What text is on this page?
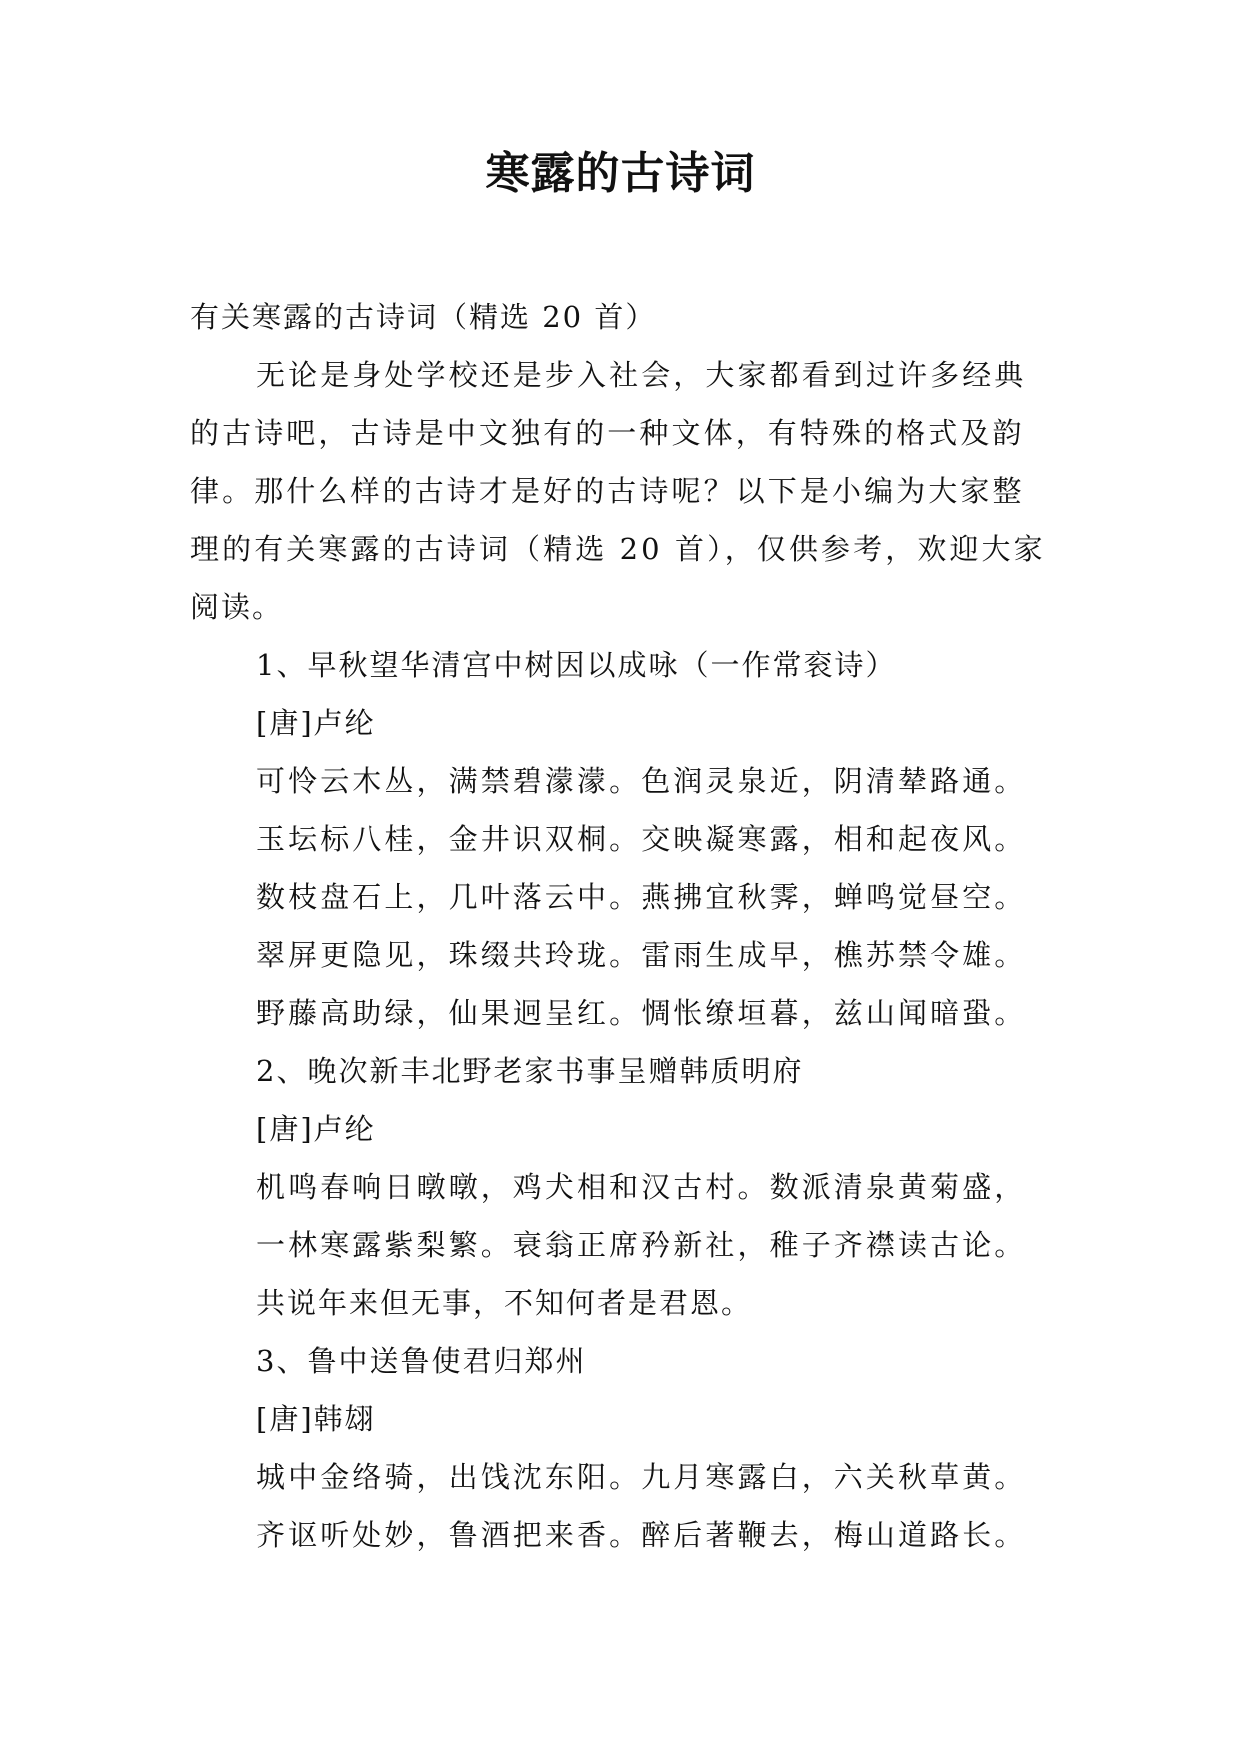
寒露的古诗词
有关寒露的古诗词（精选 20 首）
无论是身处学校还是步入社会，大家都看到过许多经典
的古诗吧，古诗是中文独有的一种文体，有特殊的格式及韵
律。那什么样的古诗才是好的古诗呢？以下是小编为大家整
理的有关寒露的古诗词（精选 20 首），仅供参考，欢迎大家
阅读。
1、早秋望华清宫中树因以成咏（一作常衮诗）
[唐]卢纶
可怜云木丛，满禁碧濛濛。色润灵泉近，阴清辇路通。
玉坛标八桂，金井识双桐。交映凝寒露，相和起夜风。
数枝盘石上，几叶落云中。燕拂宜秋霁，蝉鸣觉昼空。
翠屏更隐见，珠缀共玲珑。雷雨生成早，樵苏禁令雄。
野藤高助绿，仙果迥呈红。惆怅缭垣暮，兹山闻暗蛩。
2、晚次新丰北野老家书事呈赠韩质明府
[唐]卢纶
机鸣春响日暾暾，鸡犬相和汉古村。数派清泉黄菊盛，
一林寒露紫梨繁。衰翁正席矜新社，稚子齐襟读古论。
共说年来但无事，不知何者是君恩。
3、鲁中送鲁使君归郑州
[唐]韩翃
城中金络骑，出饯沈东阳。九月寒露白，六关秋草黄。
齐讴听处妙，鲁酒把来香。醉后著鞭去，梅山道路长。
